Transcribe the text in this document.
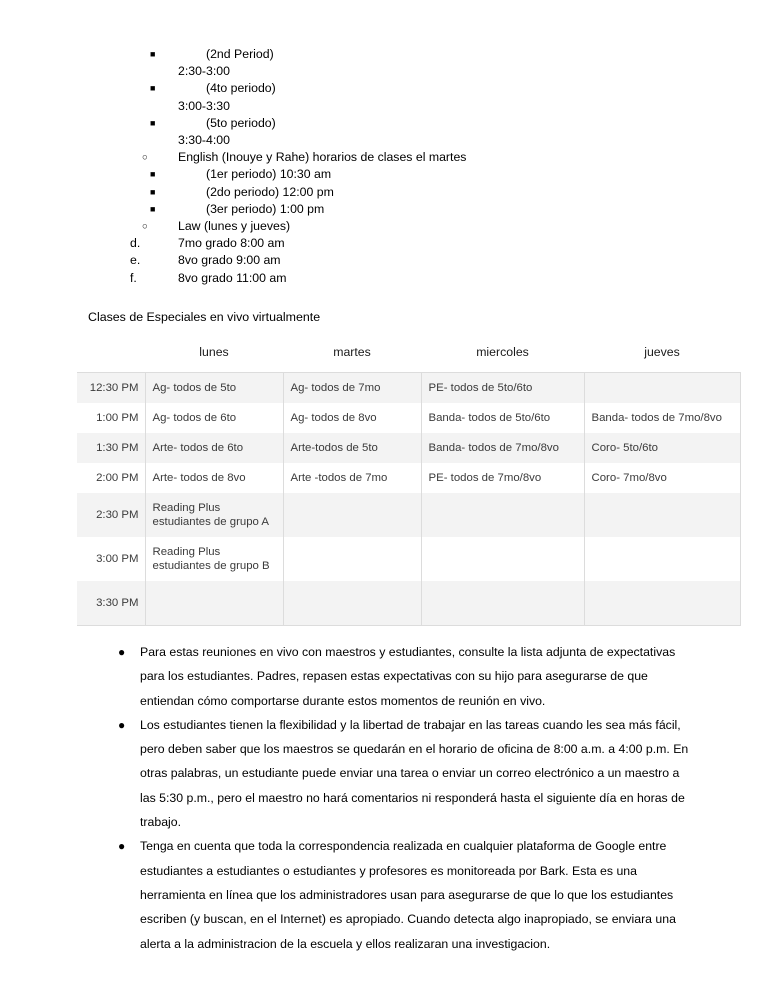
■	(2nd Period)
2:30-3:00
■	(4to periodo)
3:00-3:30
■	(5to periodo)
3:30-4:00
○ English (Inouye y Rahe) horarios de clases el martes
■	(1er periodo) 10:30 am
■	(2do periodo) 12:00 pm
■	(3er periodo) 1:00 pm
○ Law (lunes y jueves)
d.	7mo grado 8:00 am
e.	8vo grado 9:00 am
f.	8vo grado 11:00 am
Clases de Especiales en vivo virtualmente
	lunes	martes	miercoles	jueves
12:30 PM	Ag- todos de 5to	Ag- todos de 7mo	PE- todos de 5to/6to	
1:00 PM	Ag- todos de 6to	Ag- todos de 8vo	Banda- todos de 5to/6to	Banda- todos de 7mo/8vo
1:30 PM	Arte- todos de 6to	Arte-todos de 5to	Banda- todos de 7mo/8vo	Coro- 5to/6to
2:00 PM	Arte- todos de 8vo	Arte -todos de 7mo	PE- todos de 7mo/8vo	Coro- 7mo/8vo
2:30 PM	Reading Plus
estudiantes de grupo A			

3:00 PM	Reading Plus
estudiantes de grupo B			

3:30 PM				
● Para estas reuniones en vivo con maestros y estudiantes, consulte la lista adjunta de expectativas para los estudiantes. Padres, repasen estas expectativas con su hijo para asegurarse de que entiendan cómo comportarse durante estos momentos de reunión en vivo.
● Los estudiantes tienen la flexibilidad y la libertad de trabajar en las tareas cuando les sea más fácil, pero deben saber que los maestros se quedarán en el horario de oficina de 8:00 a.m. a 4:00 p.m. En otras palabras, un estudiante puede enviar una tarea o enviar un correo electrónico a un maestro a las 5:30 p.m., pero el maestro no hará comentarios ni responderá hasta el siguiente día en horas de trabajo.
● Tenga en cuenta que toda la correspondencia realizada en cualquier plataforma de Google entre estudiantes a estudiantes o estudiantes y profesores es monitoreada por Bark. Esta es una herramienta en línea que los administradores usan para asegurarse de que lo que los estudiantes escriben (y buscan, en el Internet) es apropiado. Cuando detecta algo inapropiado, se enviara una alerta a la administracion de la escuela y ellos realizaran una investigacion.
